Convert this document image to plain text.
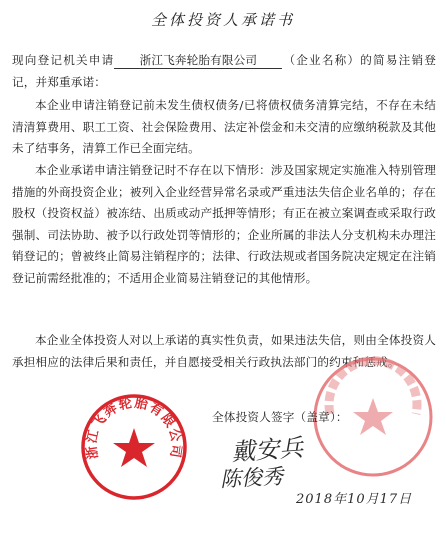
全体投资人承诺书
现向登记机关申请 浙江飞奔轮胎有限公司 （企业名称）的简易注销登记，并郑重承诺：
本企业申请注销登记前未发生债权债务/已将债权债务清算完结，不存在未结清清算费用、职工工资、社会保险费用、法定补偿金和未交清的应缴纳税款及其他未了结事务，清算工作已全面完结。
本企业承诺申请注销登记时不存在以下情形：涉及国家规定实施准入特别管理措施的外商投资企业；被列入企业经营异常名录或严重违法失信企业名单的；存在股权（投资权益）被冻结、出质或动产抵押等情形；有正在被立案调查或采取行政强制、司法协助、被予以行政处罚等情形的；企业所属的非法人分支机构未办理注销登记的；曾被终止简易注销程序的；法律、行政法规或者国务院决定规定在注销登记前需经批准的；不适用企业简易注销登记的其他情形。
本企业全体投资人对以上承诺的真实性负责，如果违法失信，则由全体投资人承担相应的法律后果和责任，并自愿接受相关行政执法部门的约束和惩戒。
浙江飞奔轮胎有限公司
全体投资人签字（盖章）：
戴安兵
陈俊秀
2018年10月17日
